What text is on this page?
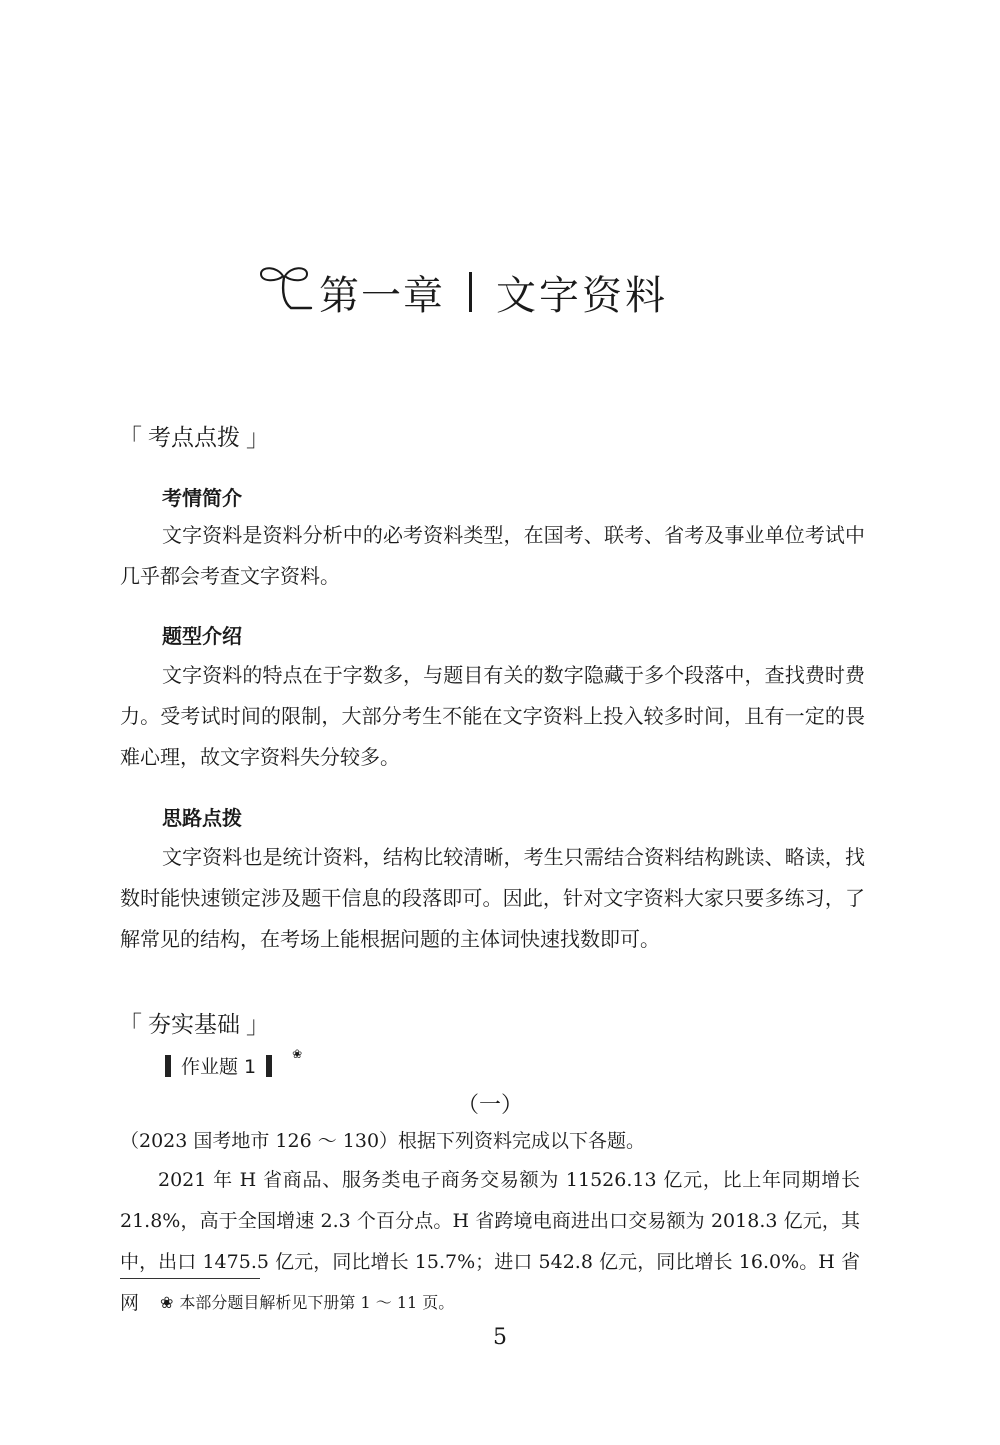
第一章 文字资料
「 考点点拨 」
考情简介
文字资料是资料分析中的必考资料类型，在国考、联考、省考及事业单位考试中几乎都会考查文字资料。
题型介绍
文字资料的特点在于字数多，与题目有关的数字隐藏于多个段落中，查找费时费力。受考试时间的限制，大部分考生不能在文字资料上投入较多时间，且有一定的畏难心理，故文字资料失分较多。
思路点拨
文字资料也是统计资料，结构比较清晰，考生只需结合资料结构跳读、略读，找数时能快速锁定涉及题干信息的段落即可。因此，针对文字资料大家只要多练习，了解常见的结构，在考场上能根据问题的主体词快速找数即可。
「 夯实基础 」
作业题 1
❀
（一）
（2023 国考地市 126 ～ 130）根据下列资料完成以下各题。
2021 年 H 省商品、服务类电子商务交易额为 11526.13 亿元，比上年同期增长 21.8%，高于全国增速 2.3 个百分点。H 省跨境电商进出口交易额为 2018.3 亿元，其中，出口 1475.5 亿元，同比增长 15.7%；进口 542.8 亿元，同比增长 16.0%。H 省网	❀ 本部分题目解析见下册第 1 ～ 11 页。
5
